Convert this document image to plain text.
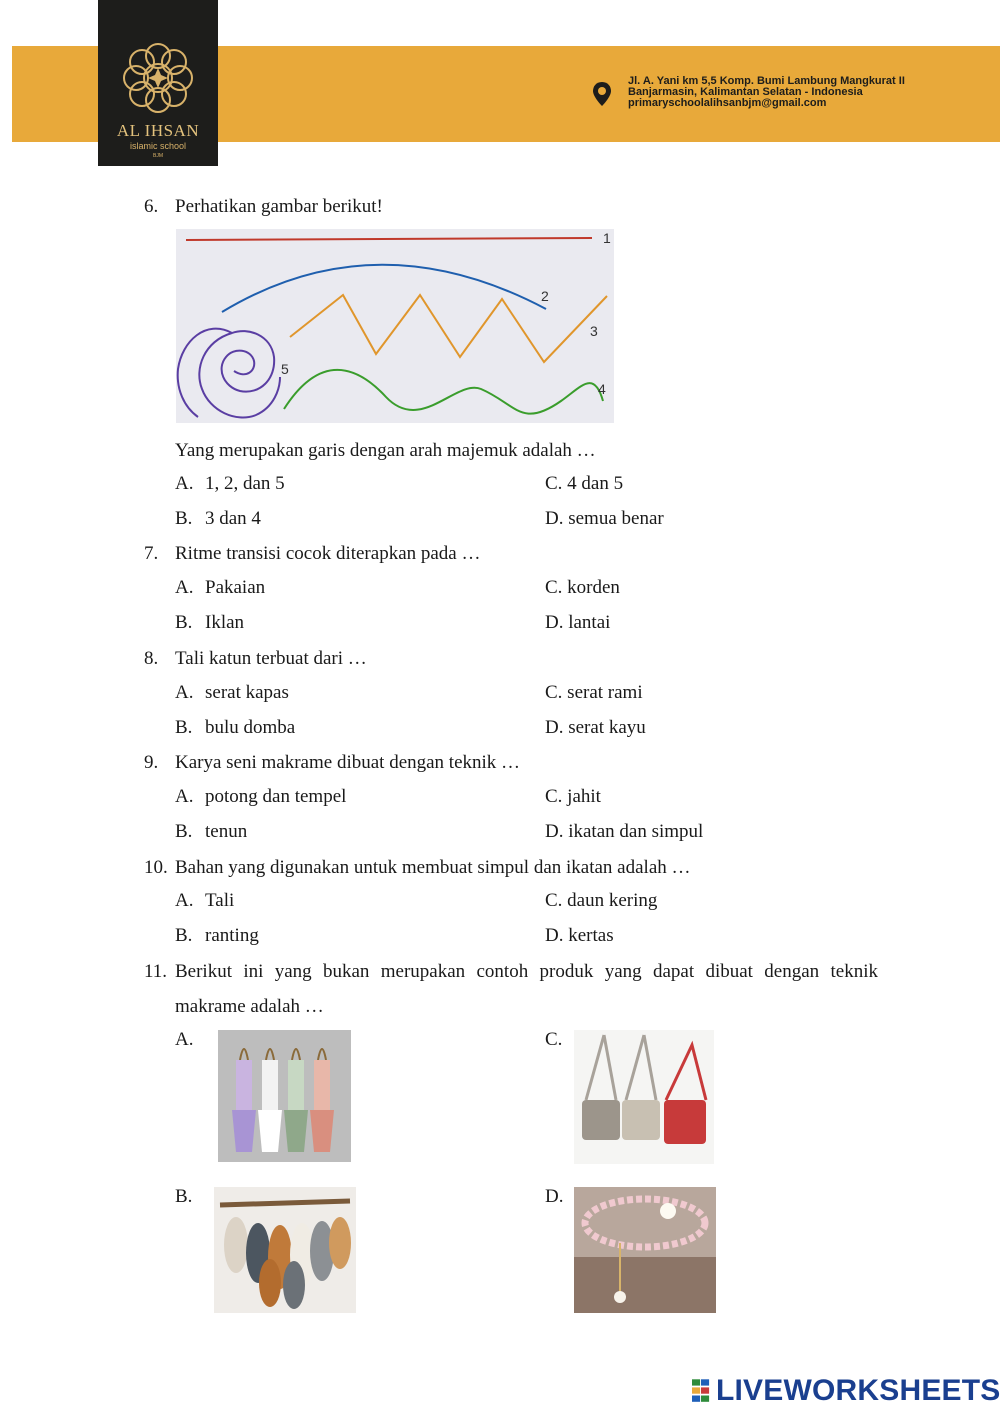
AL IHSAN
islamic school
BJM
Jl. A. Yani km 5,5 Komp. Bumi Lambung Mangkurat II
Banjarmasin, Kalimantan Selatan - Indonesia
primaryschoolalihsanbjm@gmail.com
6. Perhatikan gambar berikut!
1
2
3
4
5
Yang merupakan garis dengan arah majemuk adalah …
A. 1, 2, dan 5	C. 4 dan 5
B. 3 dan 4	D. semua benar
7. Ritme transisi cocok diterapkan pada …
A. Pakaian	C. korden
B. Iklan	D. lantai
8. Tali katun terbuat dari …
A. serat kapas	C. serat rami
B. bulu domba	D. serat kayu
9. Karya seni makrame dibuat dengan teknik …
A. potong dan tempel	C. jahit
B. tenun	D. ikatan dan simpul
10. Bahan yang digunakan untuk membuat simpul dan ikatan adalah …
A. Tali	C. daun kering
B. ranting	D. kertas
11. Berikut ini yang bukan merupakan contoh produk yang dapat dibuat dengan teknik
makrame adalah …
A.	C.
B.	D.
LIVEWORKSHEETS
